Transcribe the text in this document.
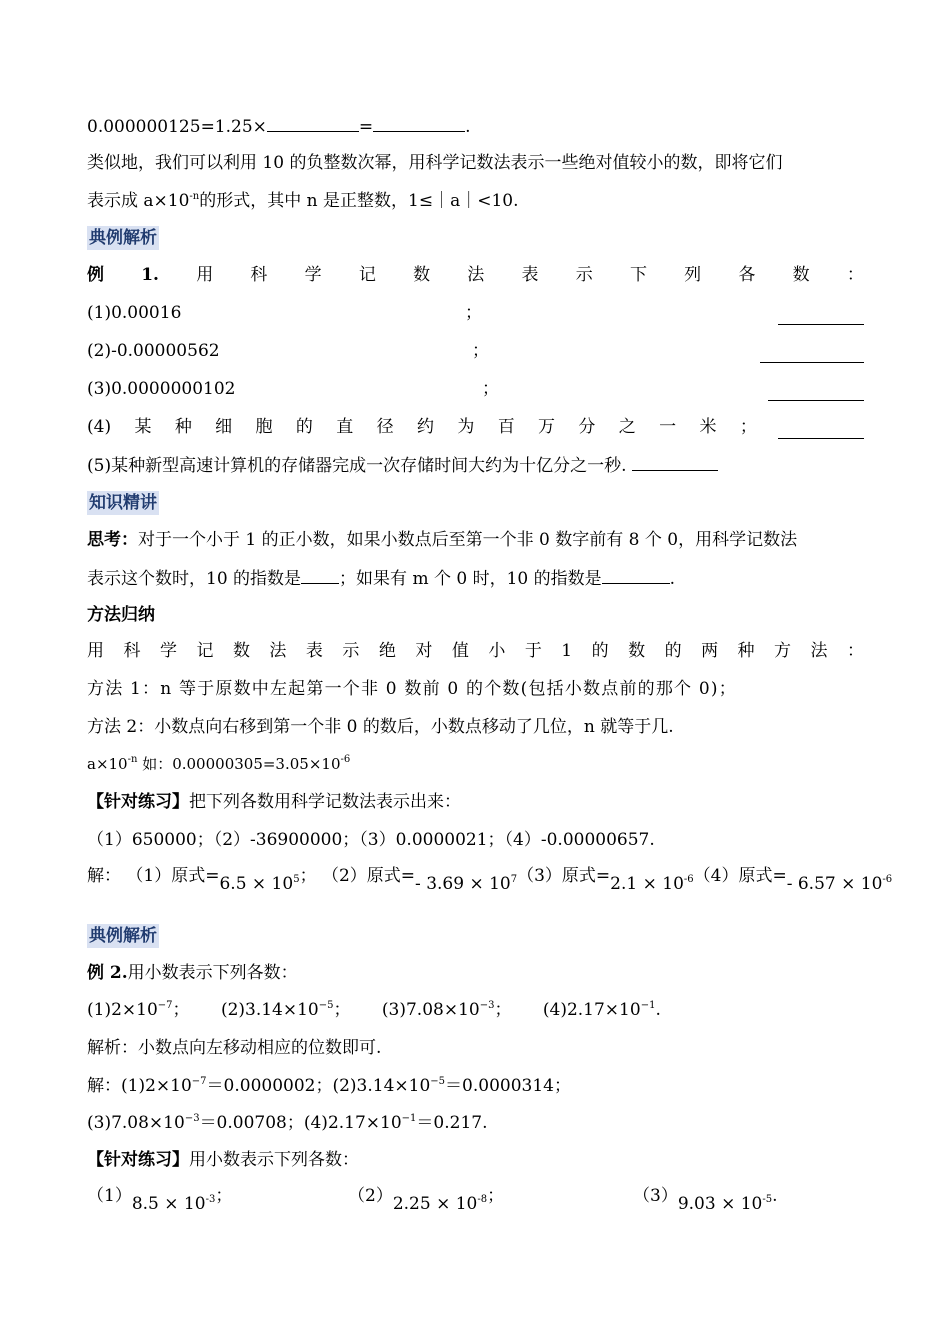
0.000000125=1.25×	=	.
类似地，我们可以利用 10 的负整数次幂，用科学记数法表示一些绝对值较小的数，即将它们
表示成 $a\times 10^{-n}$的形式，其中 n 是正整数，1≤｜a｜<10.
典例解析
例 1. 用 科 学 记 数 法 表 示 下 列 各 数 ：
(1)0.00016	；
(2)-0.00000562	；
(3)0.0000000102	；
(4) 某 种 细 胞 的 直 径 约 为 百 万 分 之 一 米 ；
(5)某种新型高速计算机的存储器完成一次存储时间大约为十亿分之一秒.
知识精讲
思考：对于一个小于 1 的正小数，如果小数点后至第一个非 0 数字前有 8 个 0，用科学记数法
表示这个数时，10 的指数是 ；如果有 m 个 0 时，10 的指数是	.
方法归纳
用 科 学 记 数 法 表 示 绝 对 值 小 于 1 的 数 的 两 种 方 法 ：
方法 1：n 等于原数中左起第一个非 0 数前 0 的个数(包括小数点前的那个 0)；
方法 2：小数点向右移到第一个非 0 的数后，小数点移动了几位，n 就等于几.
$a\times 10^{-n}$ 如：$0.00000305=3.05\times 10^{-6}$
【针对练习】把下列各数用科学记数法表示出来：
（1）650000；（2）-36900000；（3）0.0000021；（4）-0.00000657.
解： （1）原式$=6.5 \times 10^5$； （2）原式=- $3.69 \times 10^7(3)$原式$=2.1 \times 10^{-6}(4)$原式=- $6.57 \times 10^{-6}$
典例解析
例 2.用小数表示下列各数：
$(1)2\times 10^{-7}$； $(2)3.14\times 10^{-5}$； $(3)7.08\times 10^{-3}$； $(4)2.17\times 10^{-1}$.
解析：小数点向左移动相应的位数即可.
解：$(1)2\times 10^{-7}=0.0000002$；$(2)3.14\times 10^{-5}=0.0000314$；
$(3)7.08\times 10^{-3}=0.00708$；$(4)2.17\times 10^{-1}=0.217$.
【针对练习】用小数表示下列各数：
$(1)8.5 \times 10^{-3}$；	$(2)2.25 \times 10^{-8}$；	$(3)9.03 \times 10^{-5}$.
